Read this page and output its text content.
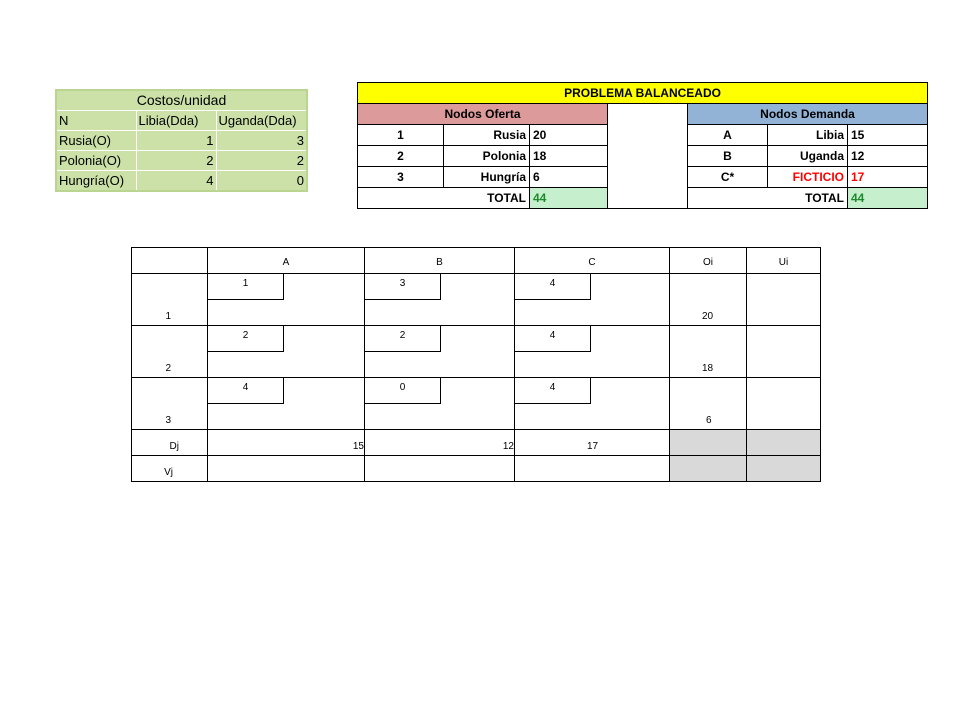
Costos/unidad		
N	Libia(Dda)	Uganda(Dda)
Rusia(O)	1	3
Polonia(O)	2	2
Hungría(O)	4	0
PROBLEMA BALANCEADO						
Nodos Oferta				Nodos Demanda		
1	Rusia	20		A	Libia	15
2	Polonia	18		B	Uganda	12
3	Hungría	6		C*	FICTICIO	17
TOTAL		44		TOTAL		44
	A	B	C	Oi	Ui
1	1	3	4	20	
2	2	2	4	18	
3	4	0	4	6	
Dj	15	12	17		
Vj					
